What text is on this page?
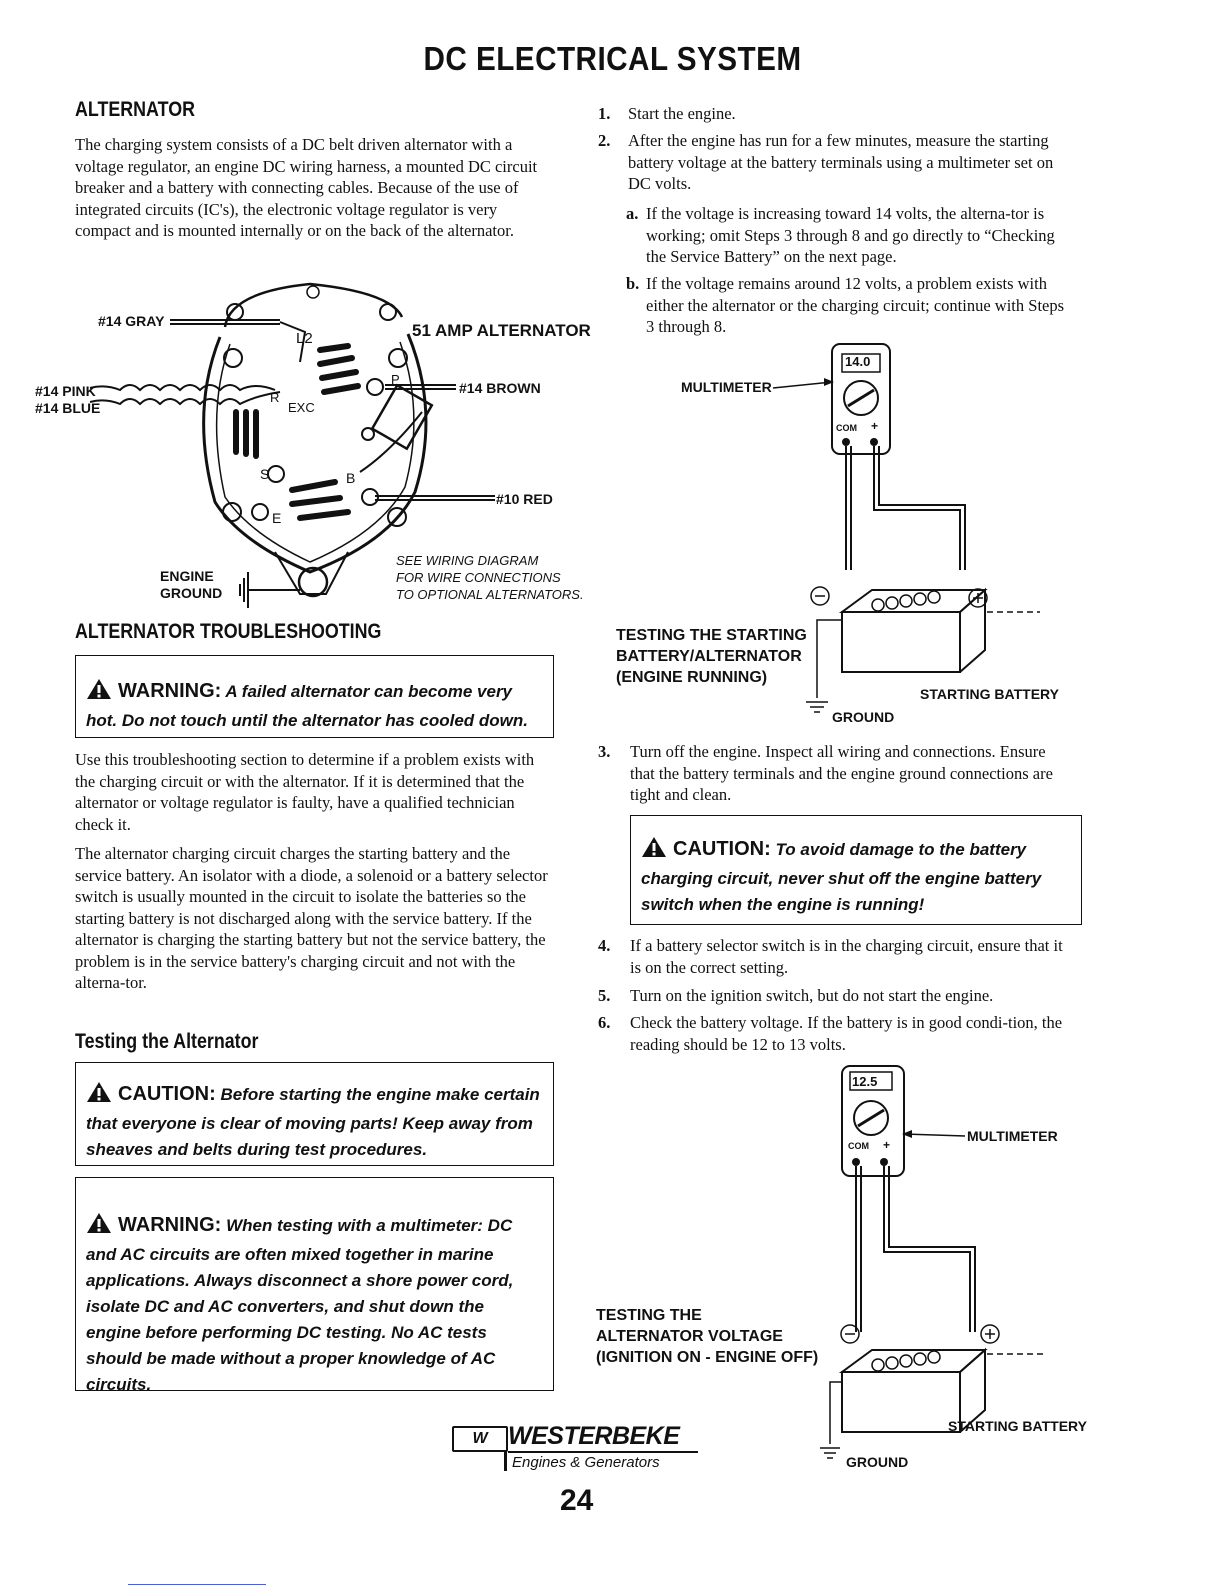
DC ELECTRICAL SYSTEM
ALTERNATOR
The charging system consists of a DC belt driven alternator with a voltage regulator, an engine DC wiring harness, a mounted DC circuit breaker and a battery with connecting cables. Because of the use of integrated circuits (IC's), the electronic voltage regulator is very compact and is mounted internally or on the back of the alternator.
#14 GRAY
#14 PINK
#14 BLUE
#14 BROWN
#10 RED
51 AMP ALTERNATOR
ENGINE
GROUND
SEE WIRING DIAGRAM
FOR WIRE CONNECTIONS
TO OPTIONAL ALTERNATORS.
L2
P
R
EXC
S	B
E
ALTERNATOR TROUBLESHOOTING
WARNING: A failed alternator can become very hot. Do not touch until the alternator has cooled down.
Use this troubleshooting section to determine if a problem exists with the charging circuit or with the alternator. If it is determined that the alternator or voltage regulator is faulty, have a qualified technician check it.
The alternator charging circuit charges the starting battery and the service battery. An isolator with a diode, a solenoid or a battery selector switch is usually mounted in the circuit to isolate the batteries so the starting battery is not discharged along with the service battery. If the alternator is charging the starting battery but not the service battery, the problem is in the service battery's charging circuit and not with the alterna-tor.
Testing the Alternator
CAUTION: Before starting the engine make certain that everyone is clear of moving parts! Keep away from sheaves and belts during test procedures.
WARNING: When testing with a multimeter: DC and AC circuits are often mixed together in marine applications. Always disconnect a shore power cord, isolate DC and AC converters, and shut down the engine before performing DC testing. No AC tests should be made without a proper knowledge of AC circuits.
1.	Start the engine.
2.	After the engine has run for a few minutes, measure the starting battery voltage at the battery terminals using a multimeter set on DC volts.
a. If the voltage is increasing toward 14 volts, the alterna-tor is working; omit Steps 3 through 8 and go directly to “Checking the Service Battery” on the next page.
b. If the voltage remains around 12 volts, a problem exists with either the alternator or the charging circuit; continue with Steps 3 through 8.
MULTIMETER
14.0
COM +
TESTING THE STARTING
BATTERY/ALTERNATOR
(ENGINE RUNNING)
STARTING BATTERY
GROUND
3.	Turn off the engine. Inspect all wiring and connections. Ensure that the battery terminals and the engine ground connections are tight and clean.
CAUTION: To avoid damage to the battery charging circuit, never shut off the engine battery switch when the engine is running!
4.	If a battery selector switch is in the charging circuit, ensure that it is on the correct setting.
5.	Turn on the ignition switch, but do not start the engine.
6.	Check the battery voltage. If the battery is in good condi-tion, the reading should be 12 to 13 volts.
12.5
COM +
MULTIMETER
TESTING THE
ALTERNATOR VOLTAGE
(IGNITION ON - ENGINE OFF)
STARTING BATTERY
GROUND
W WESTERBEKE
Engines & Generators
24
